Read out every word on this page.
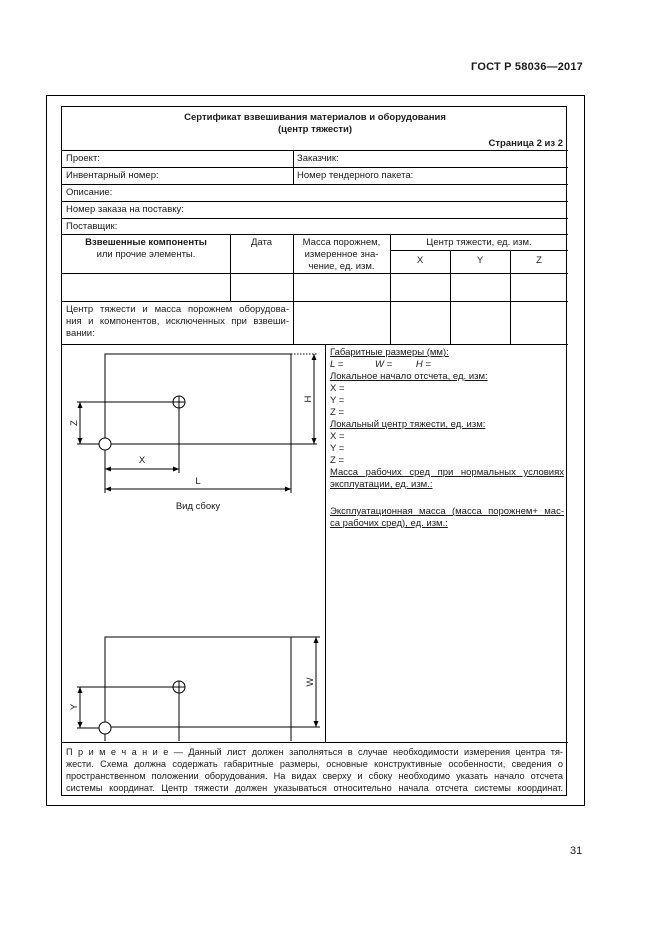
ГОСТ Р 58036—2017
Сертификат взвешивания материалов и оборудования
(центр тяжести)
Страница 2 из 2
Проект:	Заказчик:
Инвентарный номер:	Номер тендерного пакета:
Описание:
Номер заказа на поставку:
Поставщик:
Взвешенные компоненты
или прочие элементы.
Дата	Масса порожнем,
измеренное зна-
чение, ед. изм.
Центр тяжести, ед. изм.
X	Y	Z
Центр тяжести и масса порожнем оборудова-
ния и компонентов, исключенных при взвеши-
вании:
H
Z
X
L
Вид сбоку
W
Y
Габаритные размеры (мм):
L =            W =         H =
Локальное начало отсчета, ед. изм:
X =
Y =
Z =
Локальный центр тяжести, ед. изм:
X =
Y =
Z =
Масса рабочих сред при нормальных условиях
эксплуатации, ед. изм.:
Эксплуатационная масса (масса порожнем+ мас-
са рабочих сред), ед. изм.:
П р и м е ч а н и е — Данный лист должен заполняться в случае необходимости измерения центра тя-
жести. Схема должна содержать габаритные размеры, основные конструктивные особенности, сведения о
пространственном положении оборудования. На видах сверху и сбоку необходимо указать начало отсчета
системы координат. Центр тяжести должен указываться относительно начала отсчета системы координат.
31
